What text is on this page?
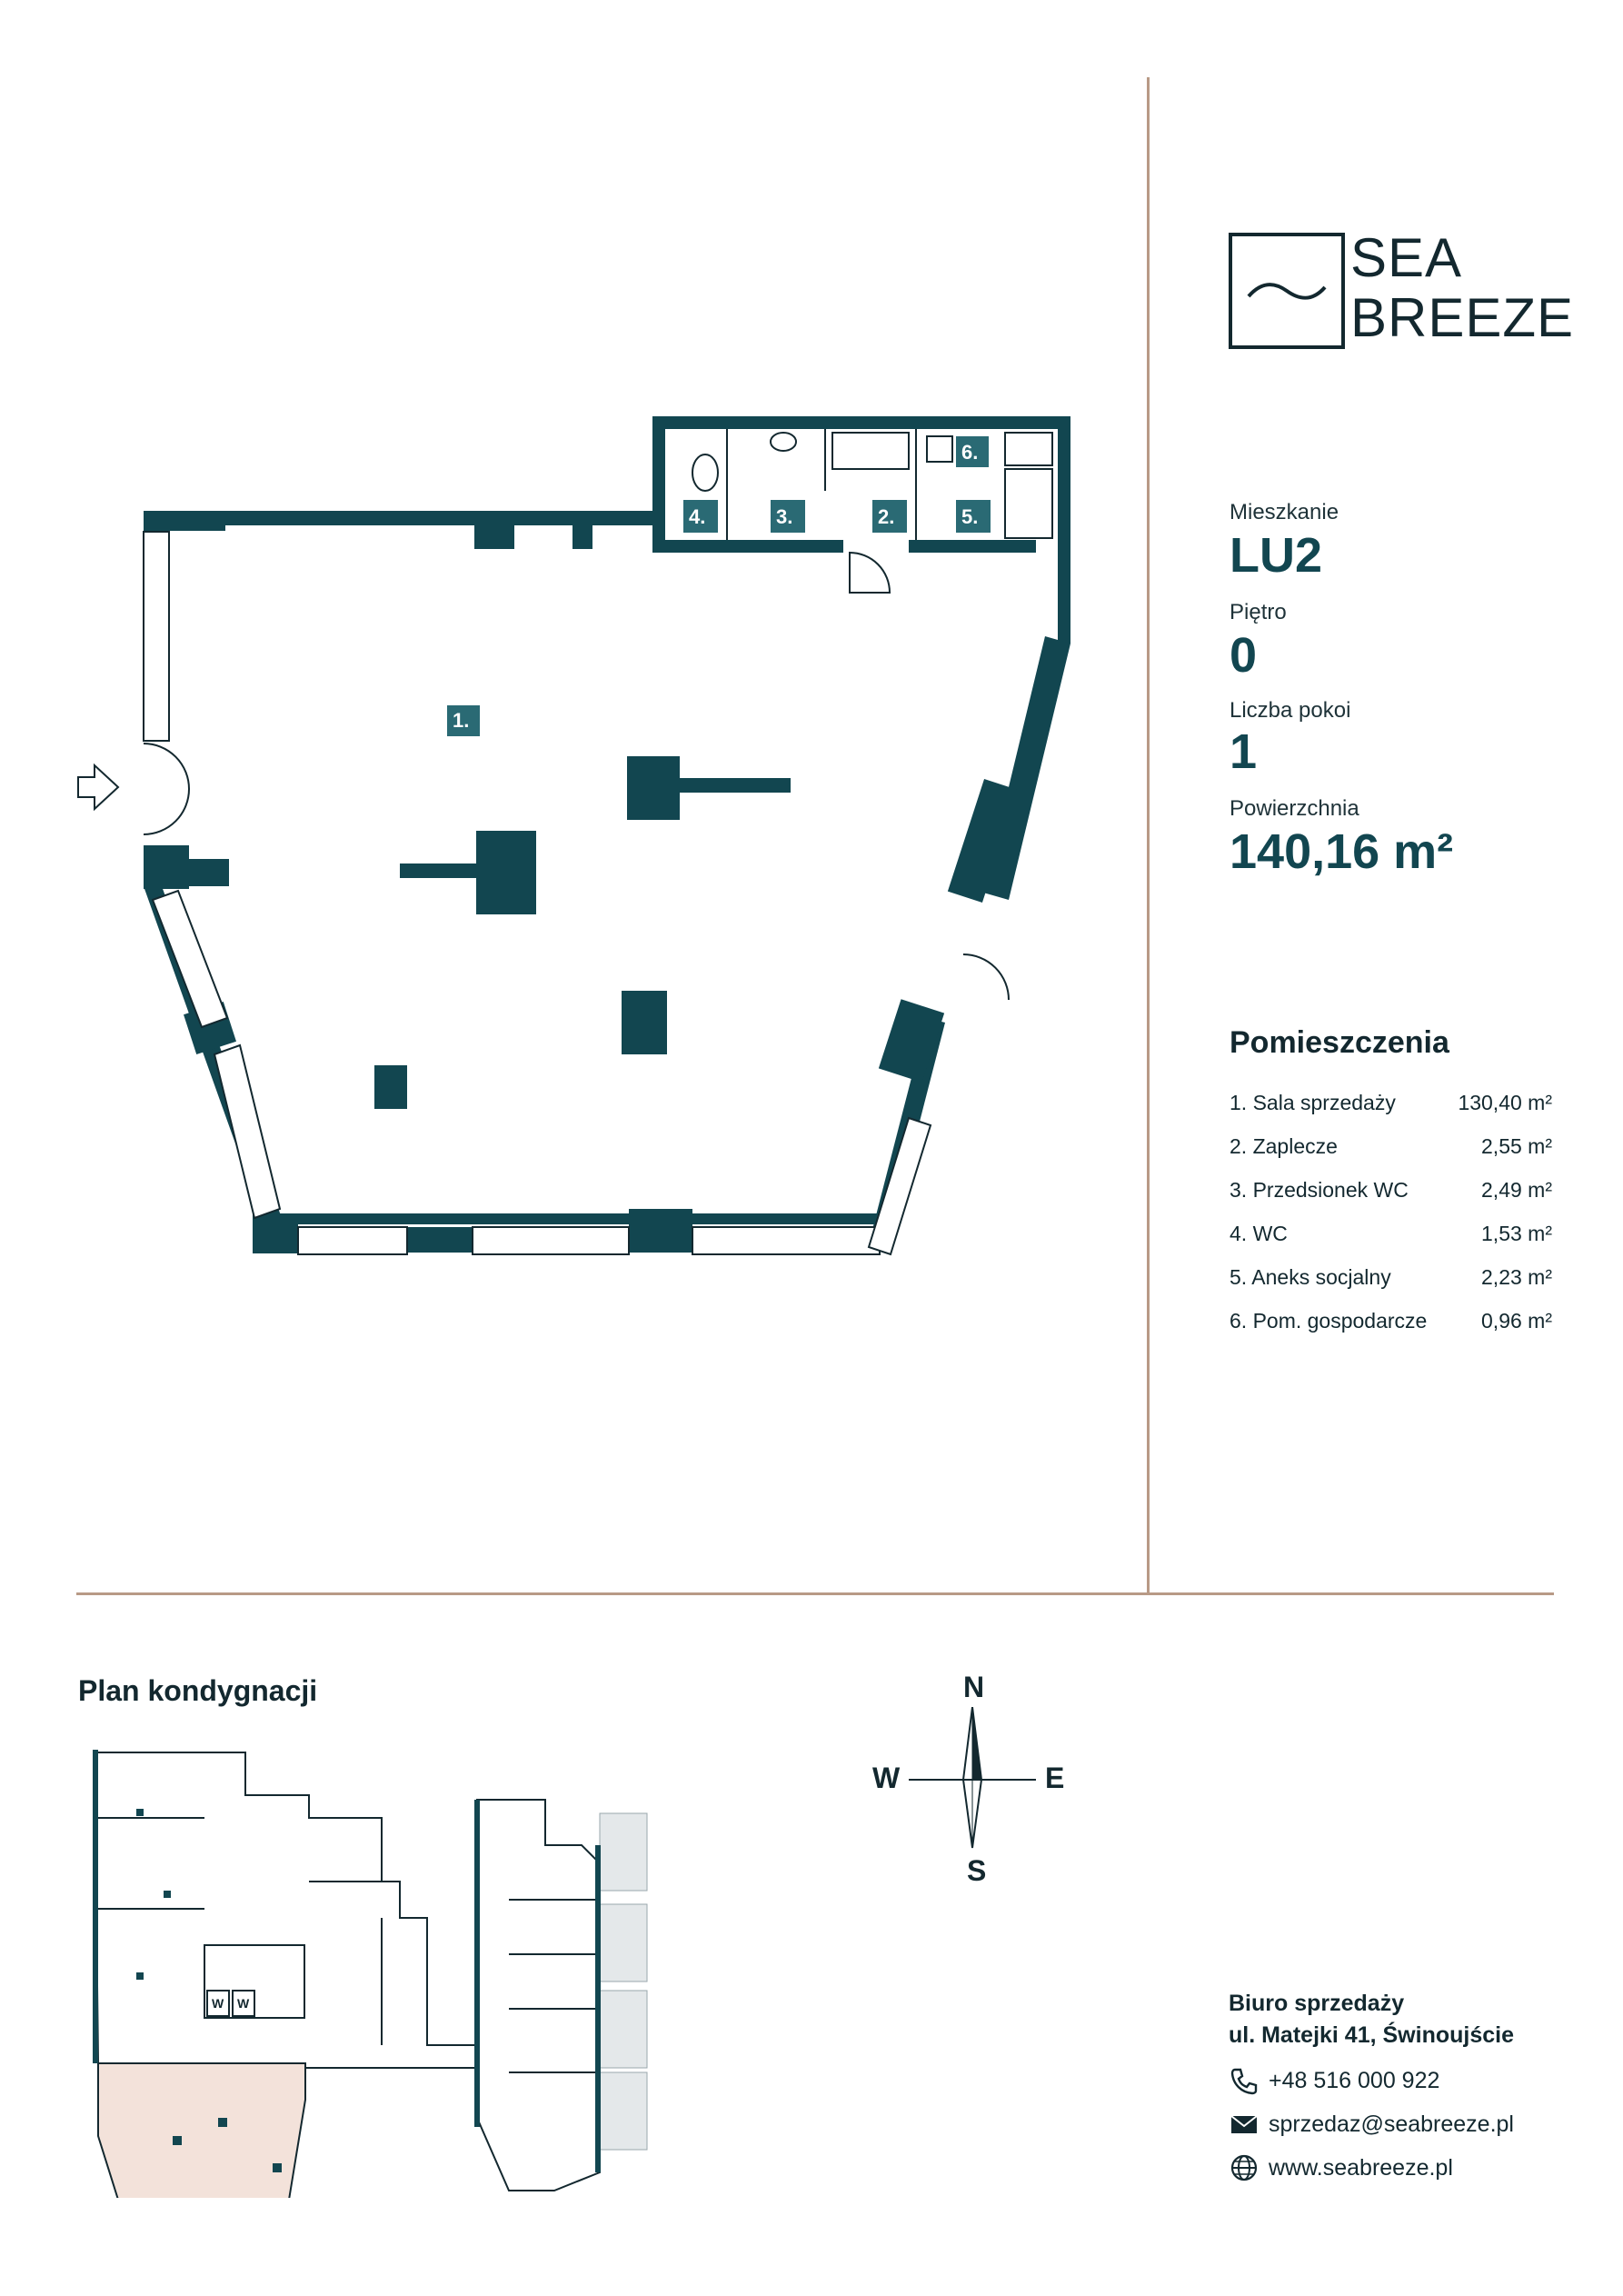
SEA
BREEZE
Mieszkanie
LU2
Piętro
0
Liczba pokoi
1
Powierzchnia
140,16 m²
Pomieszczenia
1. Sala sprzedaży	130,40 m²
2. Zaplecze	2,55 m²
3. Przedsionek WC	2,49 m²
4. WC	1,53 m²
5. Aneks socjalny	2,23 m²
6. Pom. gospodarcze	0,96 m²
1.
4.	3.	2.	5.
6.
Plan kondygnacji
W W
N
S
W	E
Biuro sprzedaży
ul. Matejki 41, Świnoujście
+48 516 000 922
sprzedaz@seabreeze.pl
www.seabreeze.pl
